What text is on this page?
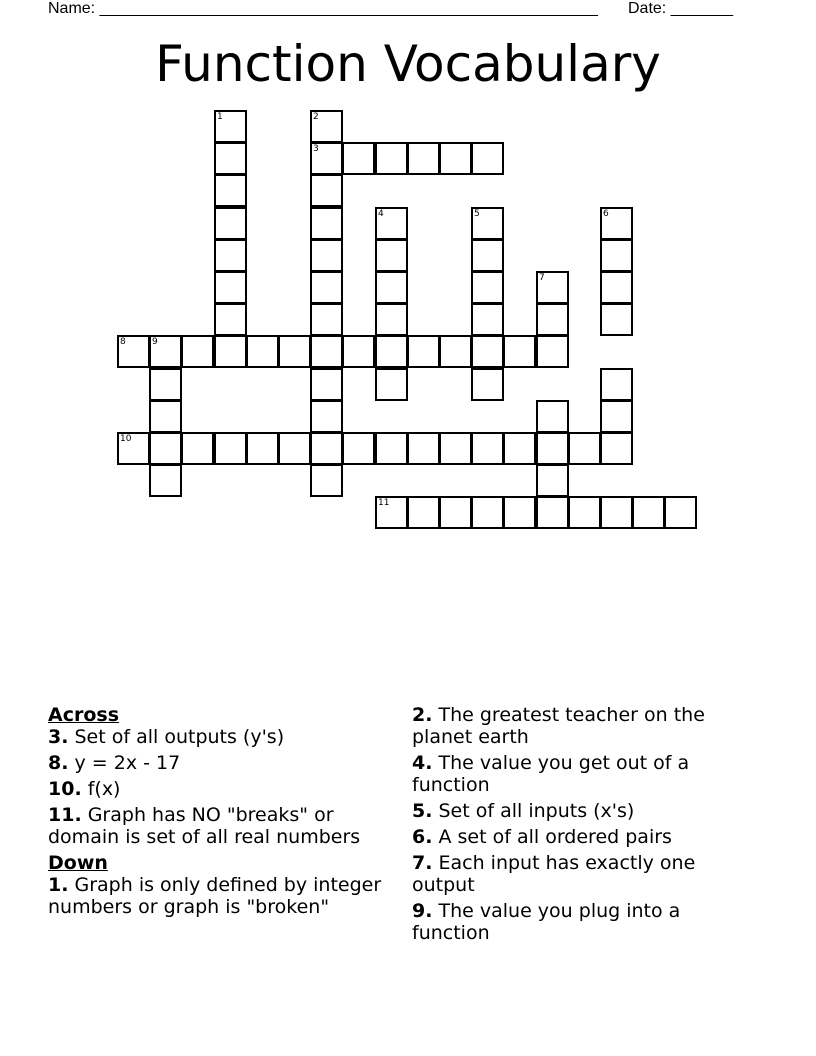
Name: ________________________________________________________ Date: _______
Function Vocabulary
1	2
3
4	5	6
7
8	9
10
11

Across

3. Set of all outputs (y's)

8. y = 2x - 17

10. f(x)

11. Graph has NO "breaks" or domain is set of all real numbers

Down

1. Graph is only defined by integer numbers or graph is "broken"

2. The greatest teacher on the planet earth

4. The value you get out of a function

5. Set of all inputs (x's)

6. A set of all ordered pairs

7. Each input has exactly one output

9. The value you plug into a function
